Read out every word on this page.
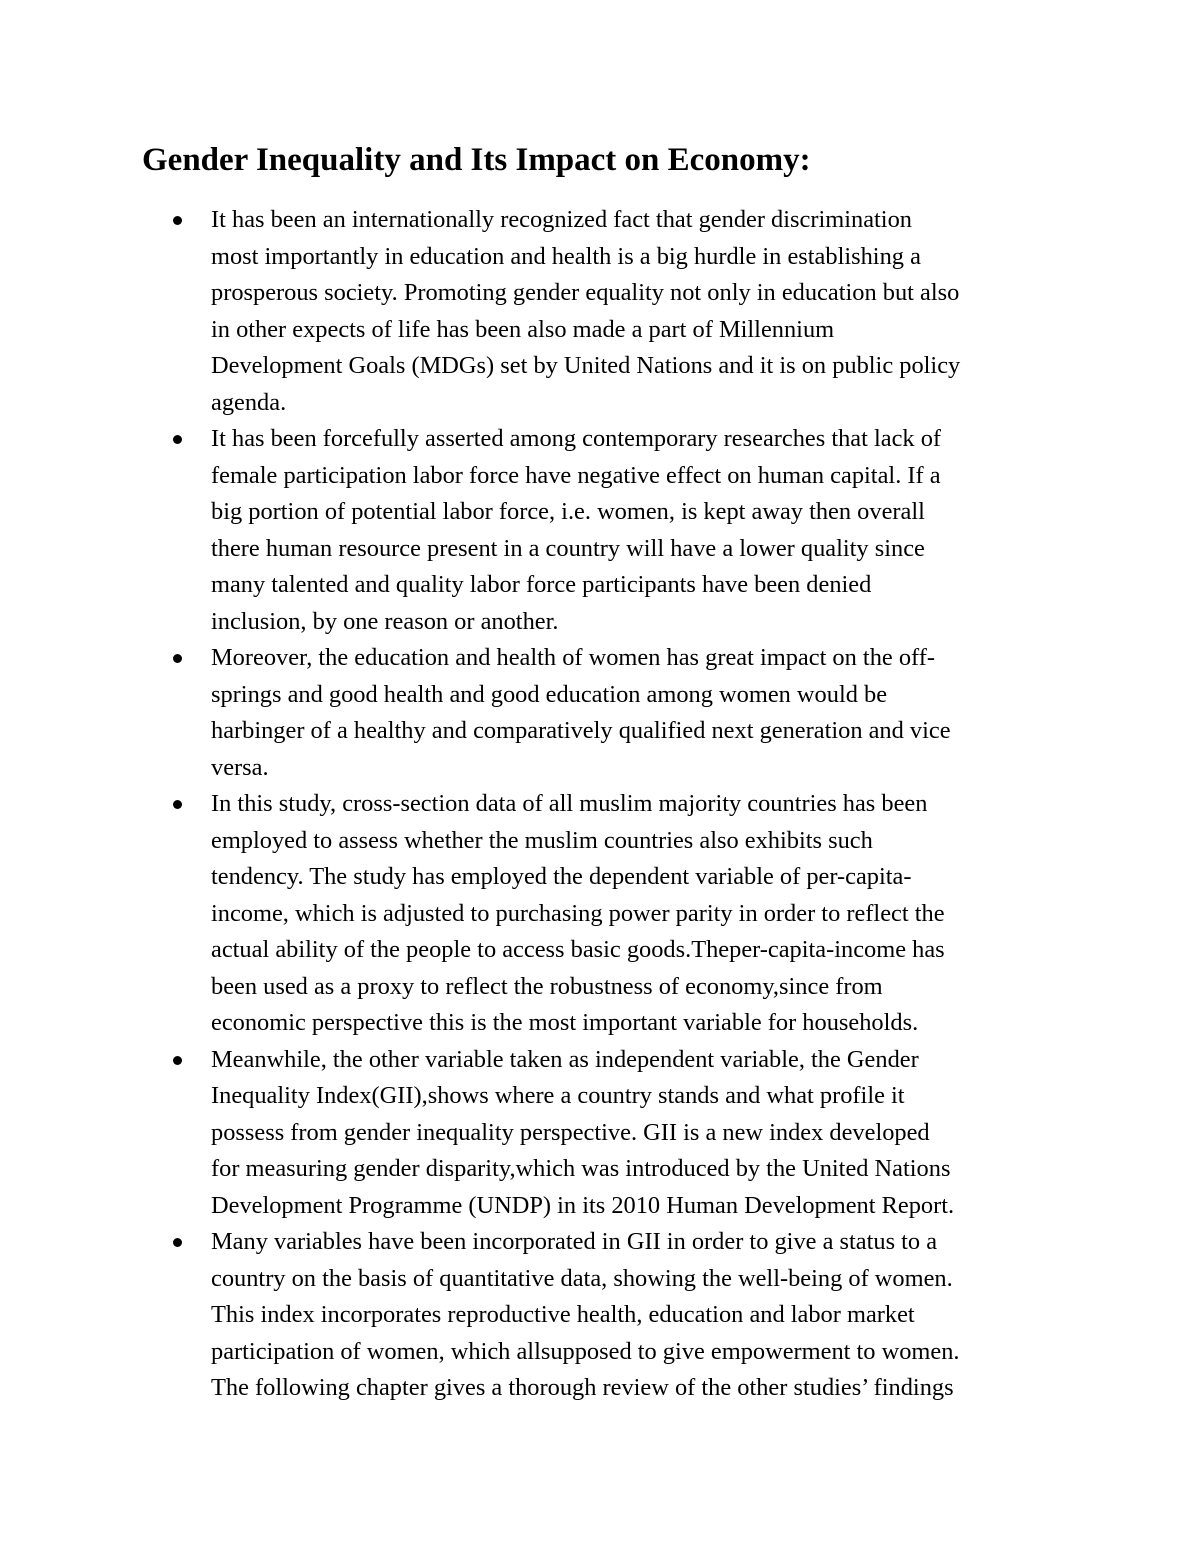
Gender Inequality and Its Impact on Economy:
It has been an internationally recognized fact that gender discrimination
most importantly in education and health is a big hurdle in establishing a
prosperous society. Promoting gender equality not only in education but also
in other expects of life has been also made a part of Millennium
Development Goals (MDGs) set by United Nations and it is on public policy
agenda.
It has been forcefully asserted among contemporary researches that lack of
female participation labor force have negative effect on human capital. If a
big portion of potential labor force, i.e. women, is kept away then overall
there human resource present in a country will have a lower quality since
many talented and quality labor force participants have been denied
inclusion, by one reason or another.
Moreover, the education and health of women has great impact on the off-
springs and good health and good education among women would be
harbinger of a healthy and comparatively qualified next generation and vice
versa.
In this study, cross-section data of all muslim majority countries has been
employed to assess whether the muslim countries also exhibits such
tendency. The study has employed the dependent variable of per-capita-
income, which is adjusted to purchasing power parity in order to reflect the
actual ability of the people to access basic goods.Theper-capita-income has
been used as a proxy to reflect the robustness of economy,since from
economic perspective this is the most important variable for households.
Meanwhile, the other variable taken as independent variable, the Gender
Inequality Index(GII),shows where a country stands and what profile it
possess from gender inequality perspective. GII is a new index developed
for measuring gender disparity,which was introduced by the United Nations
Development Programme (UNDP) in its 2010 Human Development Report.
Many variables have been incorporated in GII in order to give a status to a
country on the basis of quantitative data, showing the well-being of women.
This index incorporates reproductive health, education and labor market
participation of women, which allsupposed to give empowerment to women.
The following chapter gives a thorough review of the other studies’ findings
